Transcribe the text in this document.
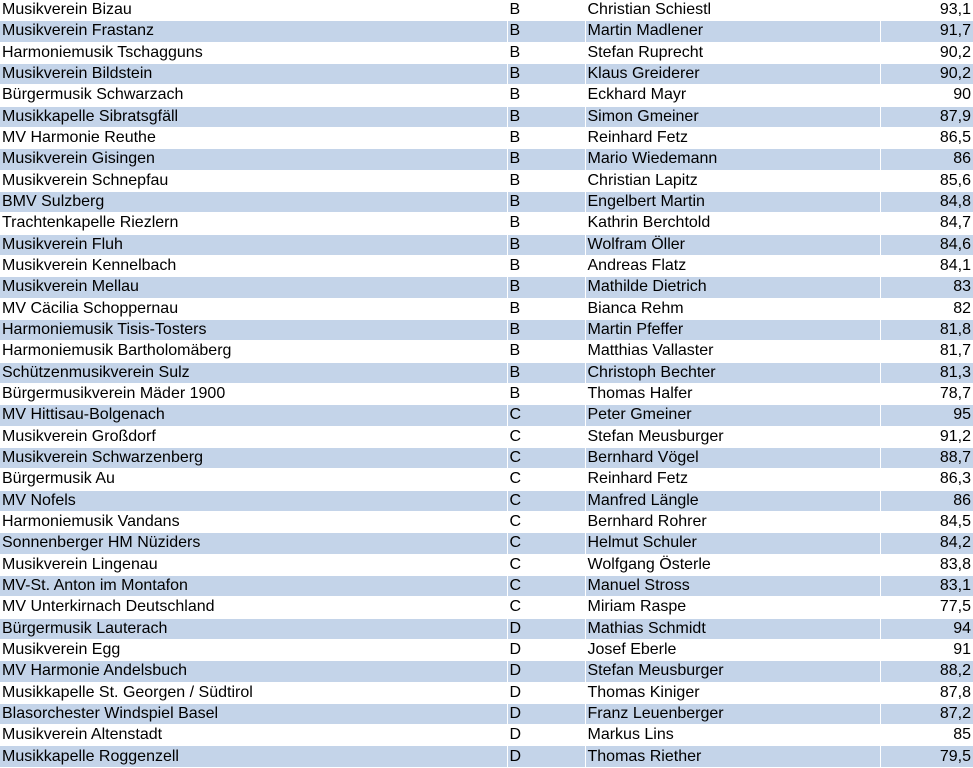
Musikverein Bizau	B	Christian Schiestl	93,1
Musikverein Frastanz	B	Martin Madlener	91,7
Harmoniemusik Tschagguns	B	Stefan Ruprecht	90,2
Musikverein Bildstein	B	Klaus Greiderer	90,2
Bürgermusik Schwarzach	B	Eckhard Mayr	90
Musikkapelle Sibratsgfäll	B	Simon Gmeiner	87,9
MV Harmonie Reuthe	B	Reinhard Fetz	86,5
Musikverein Gisingen	B	Mario Wiedemann	86
Musikverein Schnepfau	B	Christian Lapitz	85,6
BMV Sulzberg	B	Engelbert Martin	84,8
Trachtenkapelle Riezlern	B	Kathrin Berchtold	84,7
Musikverein Fluh	B	Wolfram Öller	84,6
Musikverein Kennelbach	B	Andreas Flatz	84,1
Musikverein Mellau	B	Mathilde Dietrich	83
MV Cäcilia Schoppernau	B	Bianca Rehm	82
Harmoniemusik Tisis-Tosters	B	Martin Pfeffer	81,8
Harmoniemusik Bartholomäberg	B	Matthias Vallaster	81,7
Schützenmusikverein Sulz	B	Christoph Bechter	81,3
Bürgermusikverein Mäder 1900	B	Thomas Halfer	78,7
MV Hittisau-Bolgenach	C	Peter Gmeiner	95
Musikverein Großdorf	C	Stefan Meusburger	91,2
Musikverein Schwarzenberg	C	Bernhard Vögel	88,7
Bürgermusik Au	C	Reinhard Fetz	86,3
MV Nofels	C	Manfred Längle	86
Harmoniemusik Vandans	C	Bernhard Rohrer	84,5
Sonnenberger HM Nüziders	C	Helmut Schuler	84,2
Musikverein Lingenau	C	Wolfgang Österle	83,8
MV-St. Anton im Montafon	C	Manuel Stross	83,1
MV Unterkirnach Deutschland	C	Miriam Raspe	77,5
Bürgermusik Lauterach	D	Mathias Schmidt	94
Musikverein Egg	D	Josef Eberle	91
MV Harmonie Andelsbuch	D	Stefan Meusburger	88,2
Musikkapelle St. Georgen / Südtirol	D	Thomas Kiniger	87,8
Blasorchester Windspiel Basel	D	Franz Leuenberger	87,2
Musikverein Altenstadt	D	Markus Lins	85
Musikkapelle Roggenzell	D	Thomas Riether	79,5
